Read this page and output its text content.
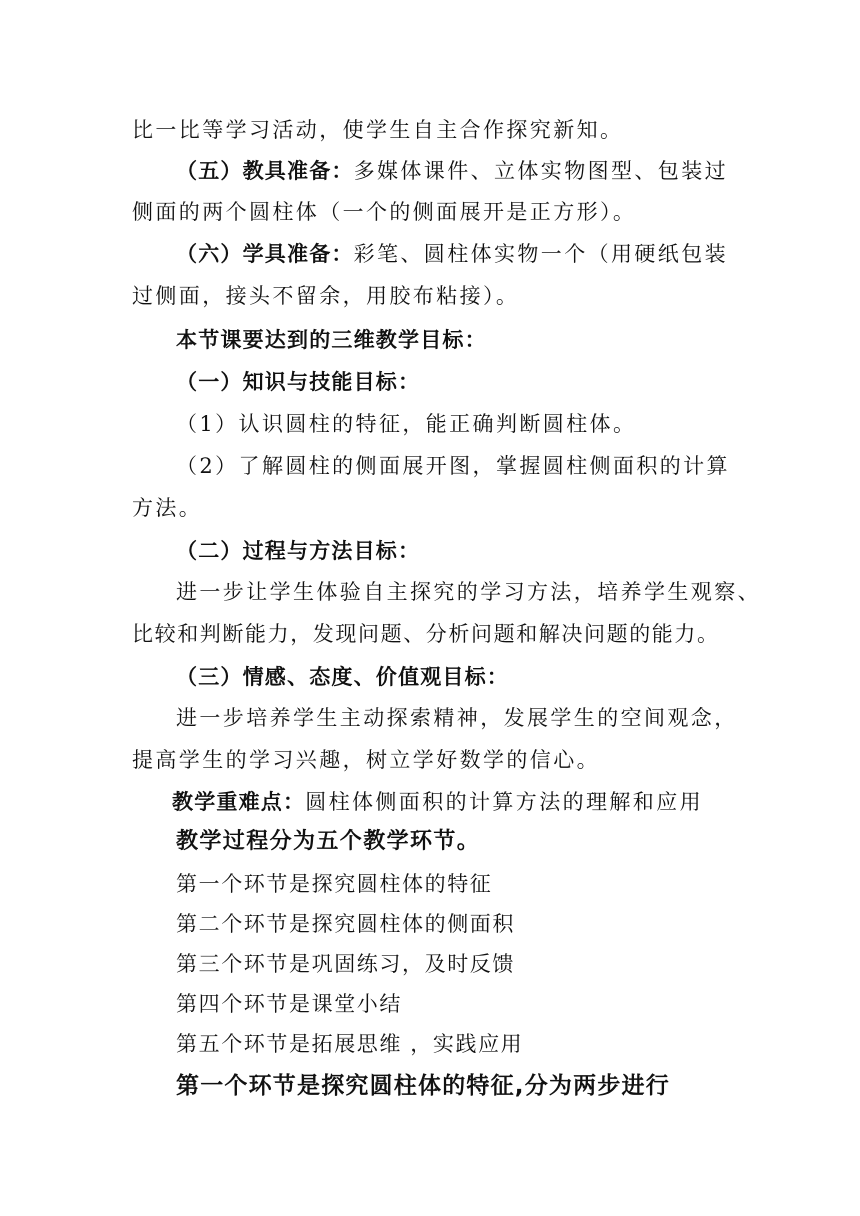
比一比等学习活动，使学生自主合作探究新知。
（五）教具准备：多媒体课件、立体实物图型、包装过
侧面的两个圆柱体（一个的侧面展开是正方形）。
（六）学具准备：彩笔、圆柱体实物一个（用硬纸包装
过侧面，接头不留余，用胶布粘接）。
本节课要达到的三维教学目标：
（一）知识与技能目标：
（1）认识圆柱的特征，能正确判断圆柱体。
（2）了解圆柱的侧面展开图，掌握圆柱侧面积的计算
方法。
（二）过程与方法目标：
进一步让学生体验自主探究的学习方法，培养学生观察、
比较和判断能力，发现问题、分析问题和解决问题的能力。
（三）情感、态度、价值观目标：
进一步培养学生主动探索精神，发展学生的空间观念，
提高学生的学习兴趣，树立学好数学的信心。
教学重难点：圆柱体侧面积的计算方法的理解和应用
教学过程分为五个教学环节。
第一个环节是探究圆柱体的特征
第二个环节是探究圆柱体的侧面积
第三个环节是巩固练习，及时反馈
第四个环节是课堂小结
第五个环节是拓展思维 ，实践应用
第一个环节是探究圆柱体的特征,分为两步进行
